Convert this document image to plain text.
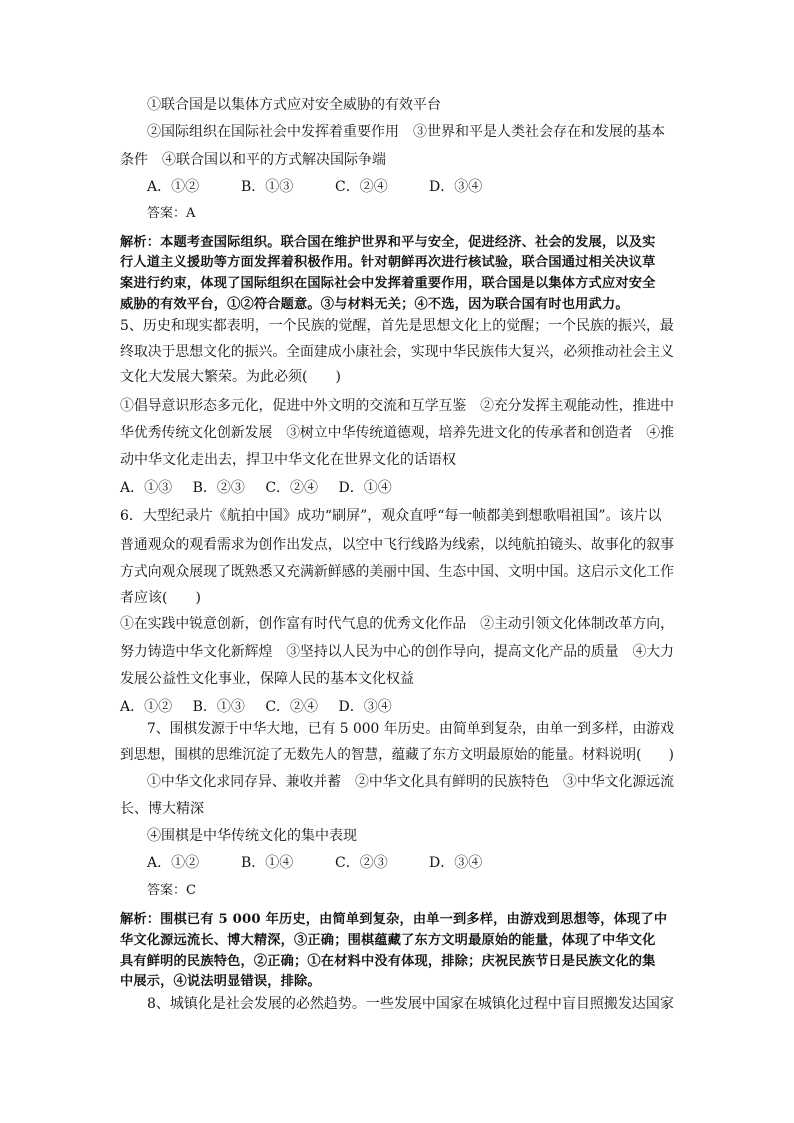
①联合国是以集体方式应对安全威胁的有效平台
②国际组织在国际社会中发挥着重要作用　③世界和平是人类社会存在和发展的基本
条件　④联合国以和平的方式解决国际争端
A．①②	B．①③	C．②④	D．③④
答案：A
解析：本题考查国际组织。联合国在维护世界和平与安全，促进经济、社会的发展，以及实
行人道主义援助等方面发挥着积极作用。针对朝鲜再次进行核试验，联合国通过相关决议草
案进行约束，体现了国际组织在国际社会中发挥着重要作用，联合国是以集体方式应对安全
威胁的有效平台，①②符合题意。③与材料无关；④不选，因为联合国有时也用武力。
5、历史和现实都表明，一个民族的觉醒，首先是思想文化上的觉醒；一个民族的振兴，最
终取决于思想文化的振兴。全面建成小康社会，实现中华民族伟大复兴，必须推动社会主义
文化大发展大繁荣。为此必须(　　)
①倡导意识形态多元化，促进中外文明的交流和互学互鉴　②充分发挥主观能动性，推进中
华优秀传统文化创新发展　③树立中华传统道德观，培养先进文化的传承者和创造者　④推
动中华文化走出去，捍卫中华文化在世界文化的话语权
A．①③ B．②③ C．②④ D．①④
6．大型纪录片《航拍中国》成功“刷屏”，观众直呼“每一帧都美到想歌唱祖国”。该片以
普通观众的观看需求为创作出发点，以空中飞行线路为线索，以纯航拍镜头、故事化的叙事
方式向观众展现了既熟悉又充满新鲜感的美丽中国、生态中国、文明中国。这启示文化工作
者应该(　　)
①在实践中锐意创新，创作富有时代气息的优秀文化作品　②主动引领文化体制改革方向，
努力铸造中华文化新辉煌　③坚持以人民为中心的创作导向，提高文化产品的质量　④大力
发展公益性文化事业，保障人民的基本文化权益
A．①② B．①③ C．②④ D．③④
7、围棋发源于中华大地，已有 5 000 年历史。由简单到复杂，由单一到多样，由游戏
到思想，围棋的思维沉淀了无数先人的智慧，蕴藏了东方文明最原始的能量。材料说明(　　)
①中华文化求同存异、兼收并蓄　②中华文化具有鲜明的民族特色　③中华文化源远流
长、博大精深
④围棋是中华传统文化的集中表现
A．①②	B．①④	C．②③	D．③④
答案：C
解析：围棋已有 5 000 年历史，由简单到复杂，由单一到多样，由游戏到思想等，体现了中
华文化源远流长、博大精深，③正确；围棋蕴藏了东方文明最原始的能量，体现了中华文化
具有鲜明的民族特色，②正确；①在材料中没有体现，排除；庆祝民族节日是民族文化的集
中展示，④说法明显错误，排除。
8、城镇化是社会发展的必然趋势。一些发展中国家在城镇化过程中盲目照搬发达国家
